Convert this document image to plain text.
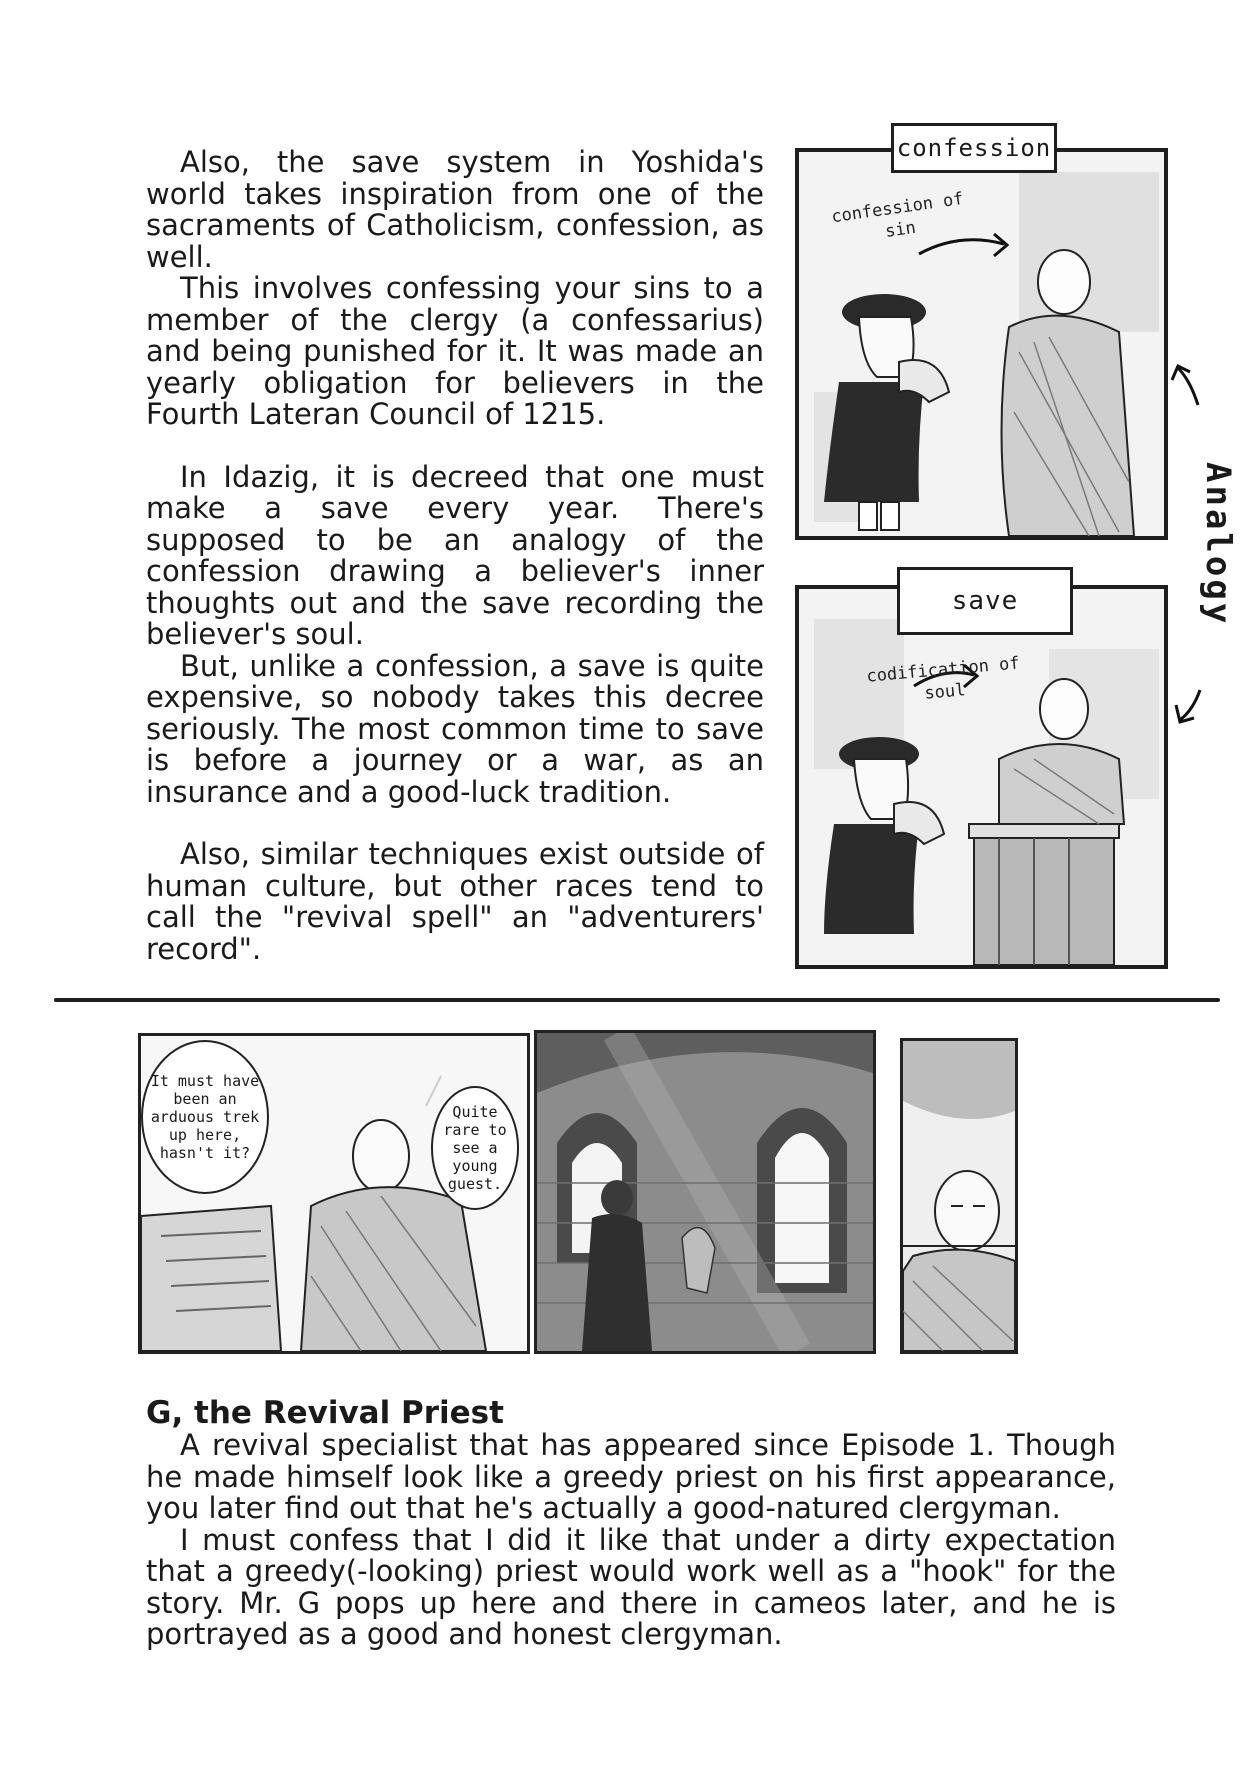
Also, the save system in Yoshida's world takes inspiration from one of the sacraments of Catholicism, confession, as well.

This involves confessing your sins to a member of the clergy (a confessarius) and being punished for it. It was made an yearly obligation for believers in the Fourth Lateran Council of 1215.

In Idazig, it is decreed that one must make a save every year. There's supposed to be an analogy of the confession drawing a believer's inner thoughts out and the save recording the believer's soul.

But, unlike a confession, a save is quite expensive, so nobody takes this decree seriously. The most common time to save is before a journey or a war, as an insurance and a good-luck tradition.

Also, similar techniques exist outside of human culture, but other races tend to call the "revival spell" an "adventurers' record".

confession of sin
confession
codification of soul
save	Analogy
It must have been an arduous trek up here, hasn't it?
Quite rare to see a young guest.
G, the Revival Priest

A revival specialist that has appeared since Episode 1. Though he made himself look like a greedy priest on his first appearance, you later find out that he's actually a good-natured clergyman.

I must confess that I did it like that under a dirty expectation that a greedy(-looking) priest would work well as a "hook" for the story. Mr. G pops up here and there in cameos later, and he is portrayed as a good and honest clergyman.
